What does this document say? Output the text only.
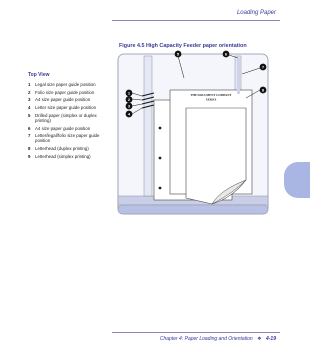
Loading Paper
Figure 4.5 High Capacity Feeder paper orientation
Top View
1	Legal size paper guide position
2	Folio size paper guide position
3	A4 size paper guide position
4	Letter size paper guide position
5	Drilled paper (simplex or duplex printing)
6	A4 size paper guide position
7	Letter/legal/folio size paper guide position
8	Letterhead (duplex printing)
9	Letterhead (simplex printing)
THE DOCUMENT COMPANY
XEROX
1
2
3
4
5	6
7
8
Chapter 4: Paper Loading and Orientation ❖ 4-19
